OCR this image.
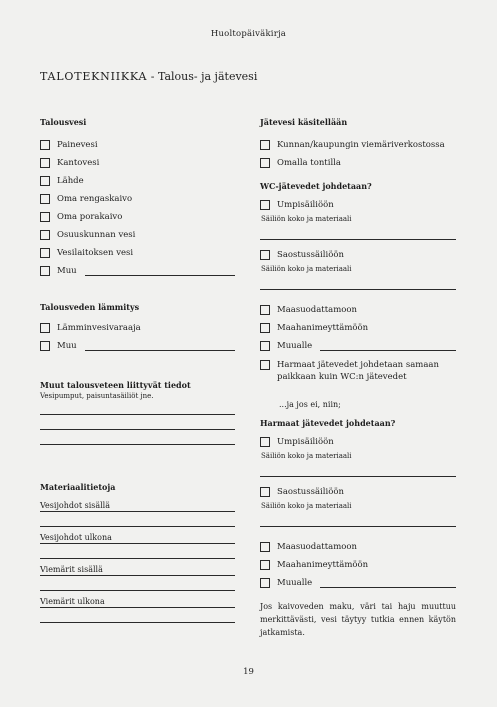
Huoltopäiväkirja
TALOTEKNIIKKA - Talous- ja jätevesi
Talousvesi
Painevesi
Kantovesi
Lähde
Oma rengaskaivo
Oma porakaivo
Osuuskunnan vesi
Vesilaitoksen vesi
Muu
Talousveden lämmitys
Lämminvesivaraaja
Muu
Muut talousveteen liittyvät tiedot
Vesipumput, paisuntasäiliöt jne.
Materiaalitietoja
Vesijohdot sisällä
Vesijohdot ulkona
Viemärit sisällä
Viemärit ulkona
Jätevesi käsitellään
Kunnan/kaupungin viemäriverkostossa
Omalla tontilla
WC-jätevedet johdetaan?
Umpisäiliöön
Säiliön koko ja materiaali
Saostussäiliöön
Säiliön koko ja materiaali
Maasuodattamoon
Maahanimeyttämöön
Muualle
Harmaat jätevedet johdetaan samaan
paikkaan kuin WC:n jätevedet
...ja jos ei, niin;
Harmaat jätevedet johdetaan?
Umpisäiliöön
Säiliön koko ja materiaali
Saostussäiliöön
Säiliön koko ja materiaali
Maasuodattamoon
Maahanimeyttämöön
Muualle
Jos kaivoveden maku, väri tai haju muuttuu merkittävästi, vesi täytyy tutkia ennen käytön jatkamista.
19
